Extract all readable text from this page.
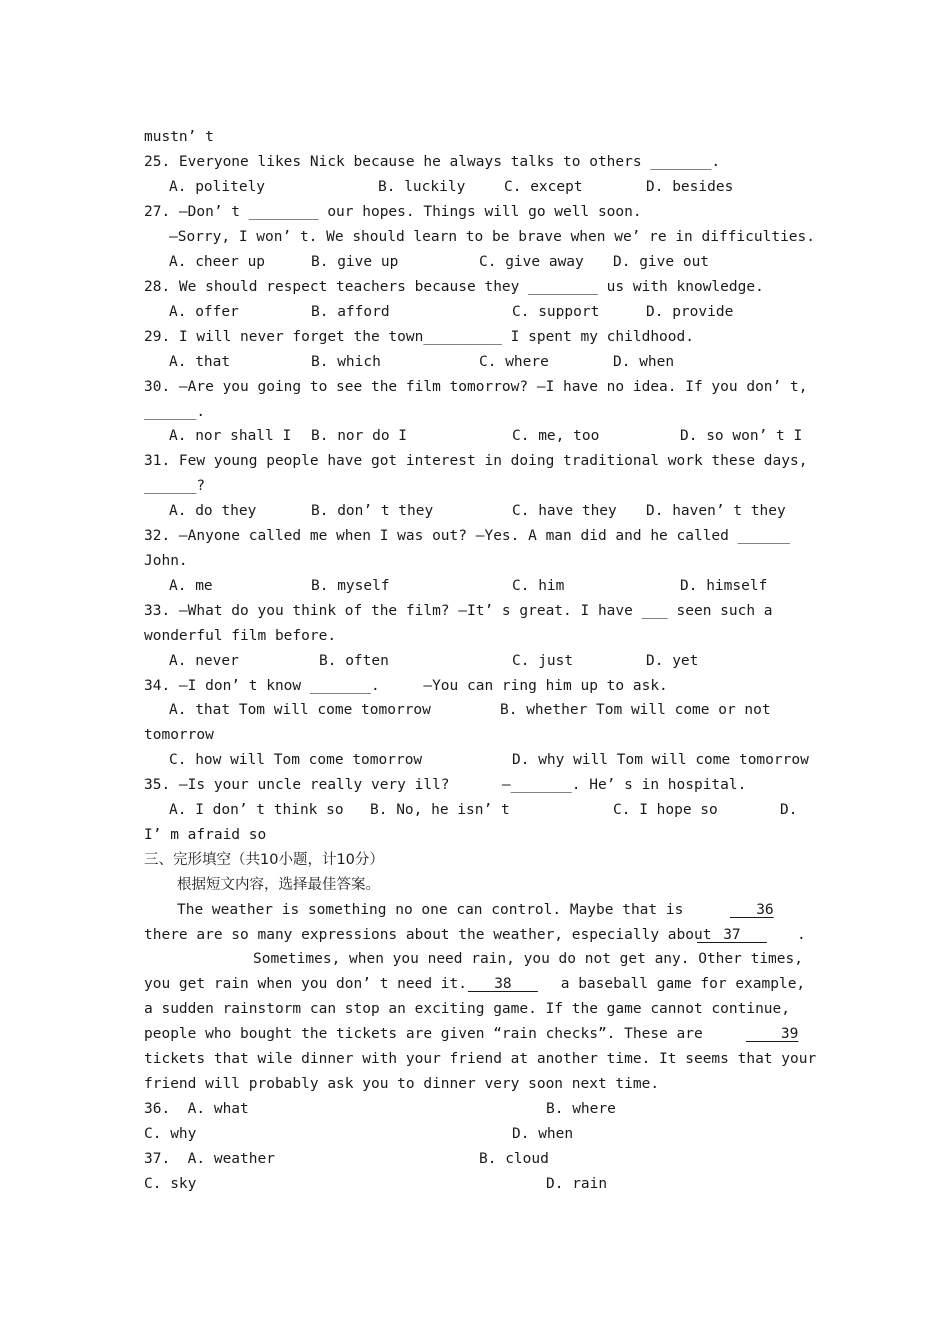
mustn’ t
25. Everyone likes Nick because he always talks to others _______.
A. politely	B. luckily	C. except	D. besides
27. —Don’ t ________ our hopes. Things will go well soon.
—Sorry, I won’ t. We should learn to be brave when we’ re in difficulties.
A. cheer up	B. give up	C. give away D. give out
28. We should respect teachers because they ________ us with knowledge.
A. offer	B. afford	C. support	D. provide
29. I will never forget the town_________ I spent my childhood.
A. that	B. which	C. where	D. when
30. —Are you going to see the film tomorrow? —I have no idea. If you don’ t,
______.
A. nor shall I B. nor do I	C. me, too	D. so won’ t I
31. Few young people have got interest in doing traditional work these days,
______?
A. do they	B. don’ t they	C. have they D. haven’ t they
32. —Anyone called me when I was out? —Yes. A man did and he called ______
John.
A. me	B. myself	C. him	D. himself
33. —What do you think of the film? —It’ s great. I have ___ seen such a
wonderful film before.
A. never	B. often	C. just	D. yet
34. —I don’ t know _______.     —You can ring him up to ask.
A. that Tom will come tomorrow	B. whether Tom will come or not
tomorrow
C. how will Tom come tomorrow	D. why will Tom will come tomorrow
35. —Is your uncle really very ill?      —_______. He’ s in hospital.
A. I don’ t think so B. No, he isn’ t	C. I hope so	D.
I’ m afraid so
三、完形填空（共10小题，计10分）
根据短文内容，选择最佳答案。
The weather is something no one can control. Maybe that is	36
there are so many expressions about the weather, especially about
37 .
Sometimes, when you need rain, you do not get any. Other times,
you get rain when you don’ t need it. 38 a baseball game for example,
a sudden rainstorm can stop an exciting game. If the game cannot continue,
people who bought the tickets are given “rain checks”. These are	39
tickets that wile dinner with your friend at another time. It seems that your
friend will probably ask you to dinner very soon next time.
36.  A. what	B. where
C. why	D. when
37.  A. weather	B. cloud
C. sky	D. rain
